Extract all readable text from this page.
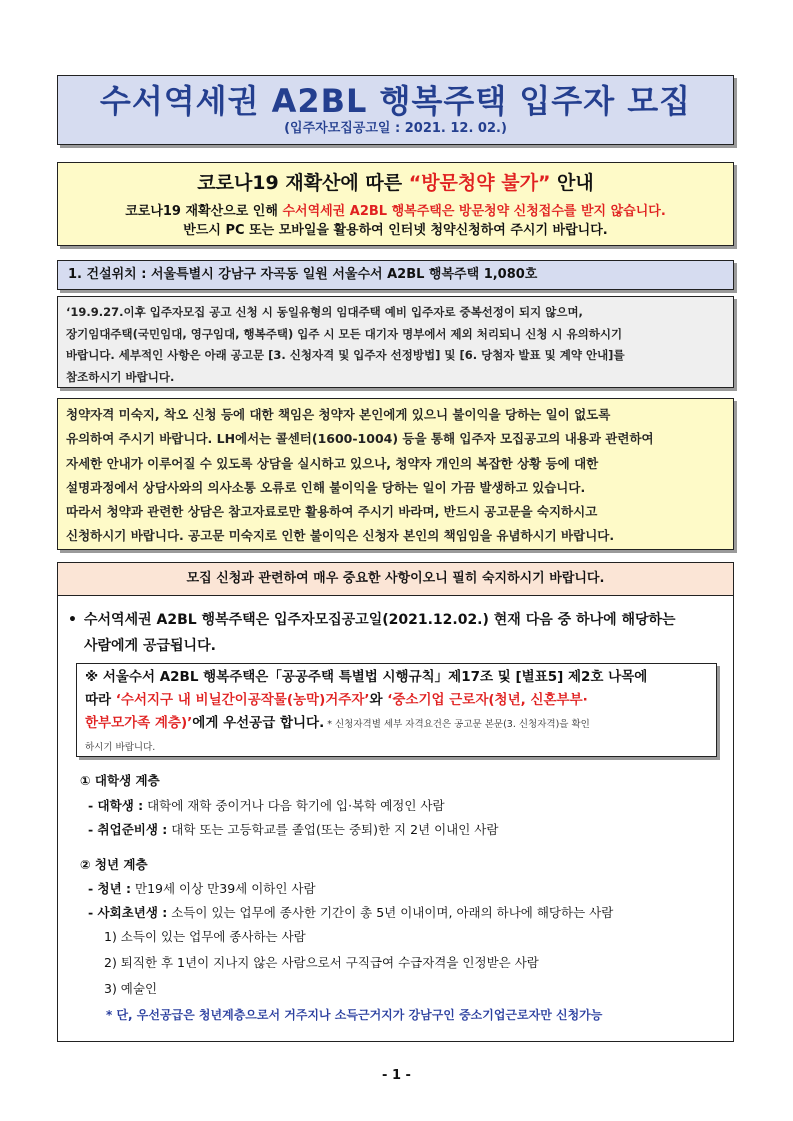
수서역세권 A2BL 행복주택 입주자 모집
(입주자모집공고일 : 2021. 12. 02.)
코로나19 재확산에 따른 “방문청약 불가” 안내
코로나19 재확산으로 인해 수서역세권 A2BL 행복주택은 방문청약 신청접수를 받지 않습니다.
반드시 PC 또는 모바일을 활용하여 인터넷 청약신청하여 주시기 바랍니다.
1. 건설위치 : 서울특별시 강남구 자곡동 일원 서울수서 A2BL 행복주택 1,080호
‘19.9.27.이후 입주자모집 공고 신청 시 동일유형의 임대주택 예비 입주자로 중복선정이 되지 않으며,
장기임대주택(국민임대, 영구임대, 행복주택) 입주 시 모든 대기자 명부에서 제외 처리되니 신청 시 유의하시기
바랍니다. 세부적인 사항은 아래 공고문 [3. 신청자격 및 입주자 선정방법] 및 [6. 당첨자 발표 및 계약 안내]를
참조하시기 바랍니다.
청약자격 미숙지, 착오 신청 등에 대한 책임은 청약자 본인에게 있으니 불이익을 당하는 일이 없도록
유의하여 주시기 바랍니다. LH에서는 콜센터(1600-1004) 등을 통해 입주자 모집공고의 내용과 관련하여
자세한 안내가 이루어질 수 있도록 상담을 실시하고 있으나, 청약자 개인의 복잡한 상황 등에 대한
설명과정에서 상담사와의 의사소통 오류로 인해 불이익을 당하는 일이 가끔 발생하고 있습니다.
따라서 청약과 관련한 상담은 참고자료로만 활용하여 주시기 바라며, 반드시 공고문을 숙지하시고
신청하시기 바랍니다. 공고문 미숙지로 인한 불이익은 신청자 본인의 책임임을 유념하시기 바랍니다.
모집 신청과 관련하여 매우 중요한 사항이오니 필히 숙지하시기 바랍니다.
• 수서역세권 A2BL 행복주택은 입주자모집공고일(2021.12.02.) 현재 다음 중 하나에 해당하는
사람에게 공급됩니다.
※ 서울수서 A2BL 행복주택은「공공주택 특별법 시행규칙」제17조 및 [별표5] 제2호 나목에
따라 ‘수서지구 내 비닐간이공작물(농막)거주자’와 ‘중소기업 근로자(청년, 신혼부부·
한부모가족 계층)’에게 우선공급 합니다. * 신청자격별 세부 자격요건은 공고문 본문(3. 신청자격)을 확인
하시기 바랍니다.
① 대학생 계층
- 대학생 : 대학에 재학 중이거나 다음 학기에 입·복학 예정인 사람
- 취업준비생 : 대학 또는 고등학교를 졸업(또는 중퇴)한 지 2년 이내인 사람
② 청년 계층
- 청년 : 만19세 이상 만39세 이하인 사람
- 사회초년생 : 소득이 있는 업무에 종사한 기간이 총 5년 이내이며, 아래의 하나에 해당하는 사람
1) 소득이 있는 업무에 종사하는 사람
2) 퇴직한 후 1년이 지나지 않은 사람으로서 구직급여 수급자격을 인정받은 사람
3) 예술인
* 단, 우선공급은 청년계층으로서 거주지나 소득근거지가 강남구인 중소기업근로자만 신청가능
- 1 -
